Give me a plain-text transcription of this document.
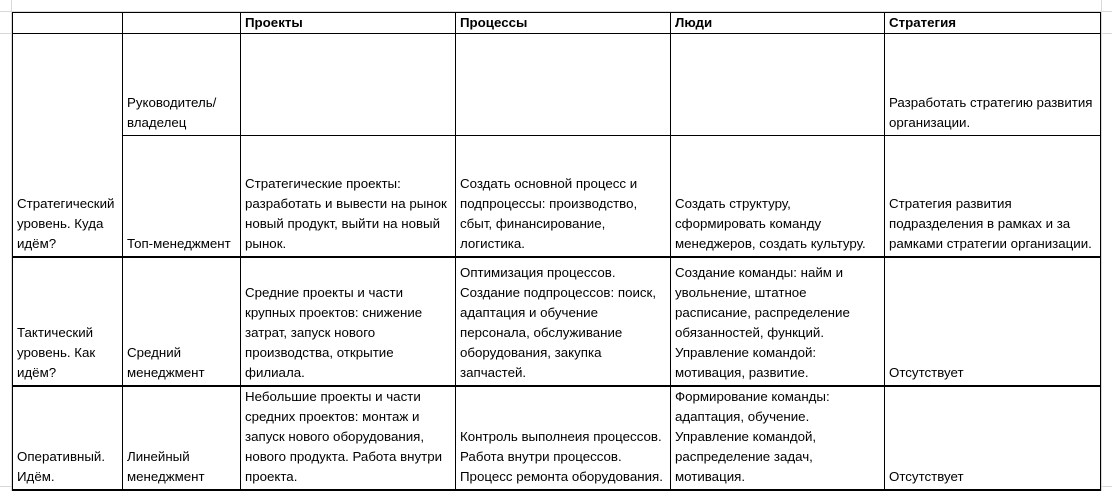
		Проекты	Процессы	Люди	Стратегия
Стратегический уровень. Куда идём?	Руководитель/ владелец				Разработать стратегию развития организации.
	Топ-менеджмент	Стратегические проекты: разработать и вывести на рынок новый продукт, выйти на новый рынок.	Создать основной процесс и подпроцессы: производство, сбыт, финансирование, логистика.	Создать структуру, сформировать команду менеджеров, создать культуру.	Стратегия развития подразделения в рамках и за рамками стратегии организации.
Тактический уровень. Как идём?	Средний менеджмент	Средние проекты и части крупных проектов: снижение затрат, запуск нового производства, открытие филиала.	Оптимизация процессов. Создание подпроцессов: поиск, адаптация и обучение персонала, обслуживание оборудования, закупка запчастей.	Создание команды: найм и увольнение, штатное расписание, распределение обязанностей, функций. Управление командой: мотивация, развитие.	Отсутствует
Оперативный. Идём.	Линейный менеджмент	Небольшие проекты и части средних проектов: монтаж и запуск нового оборудования, нового продукта. Работа внутри проекта.	Контроль выполнеия процессов. Работа внутри процессов. Процесс ремонта оборудования.	Формирование команды: адаптация, обучение. Управление командой, распределение задач, мотивация.	Отсутствует
